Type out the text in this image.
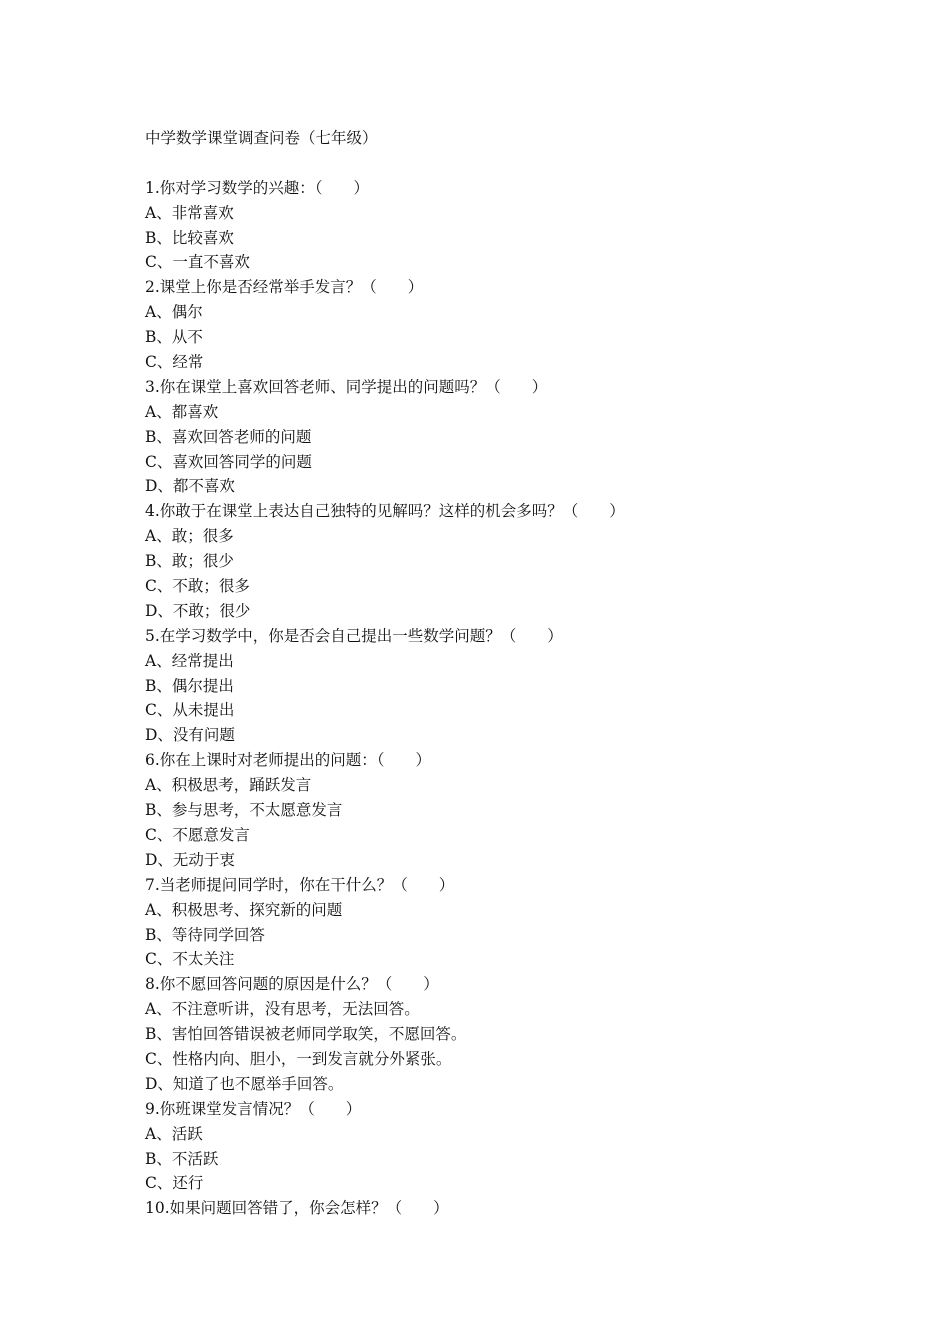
中学数学课堂调查问卷（七年级）

1.你对学习数学的兴趣：（　　）

A、非常喜欢

B、比较喜欢

C、一直不喜欢

2.课堂上你是否经常举手发言？（　　）

A、偶尔

B、从不

C、经常

3.你在课堂上喜欢回答老师、同学提出的问题吗？（　　）

A、都喜欢

B、喜欢回答老师的问题

C、喜欢回答同学的问题

D、都不喜欢

4.你敢于在课堂上表达自己独特的见解吗？这样的机会多吗？（　　）

A、敢；很多

B、敢；很少

C、不敢；很多

D、不敢；很少

5.在学习数学中，你是否会自己提出一些数学问题？（　　）

A、经常提出

B、偶尔提出

C、从未提出

D、没有问题

6.你在上课时对老师提出的问题：（　　）

A、积极思考，踊跃发言

B、参与思考，不太愿意发言

C、不愿意发言

D、无动于衷

7.当老师提问同学时，你在干什么？（　　）

A、积极思考、探究新的问题

B、等待同学回答

C、不太关注

8.你不愿回答问题的原因是什么？（　　）

A、不注意听讲，没有思考，无法回答。

B、害怕回答错误被老师同学取笑，不愿回答。

C、性格内向、胆小，一到发言就分外紧张。

D、知道了也不愿举手回答。

9.你班课堂发言情况？（　　）

A、活跃

B、不活跃

C、还行

10.如果问题回答错了，你会怎样？（　　）
